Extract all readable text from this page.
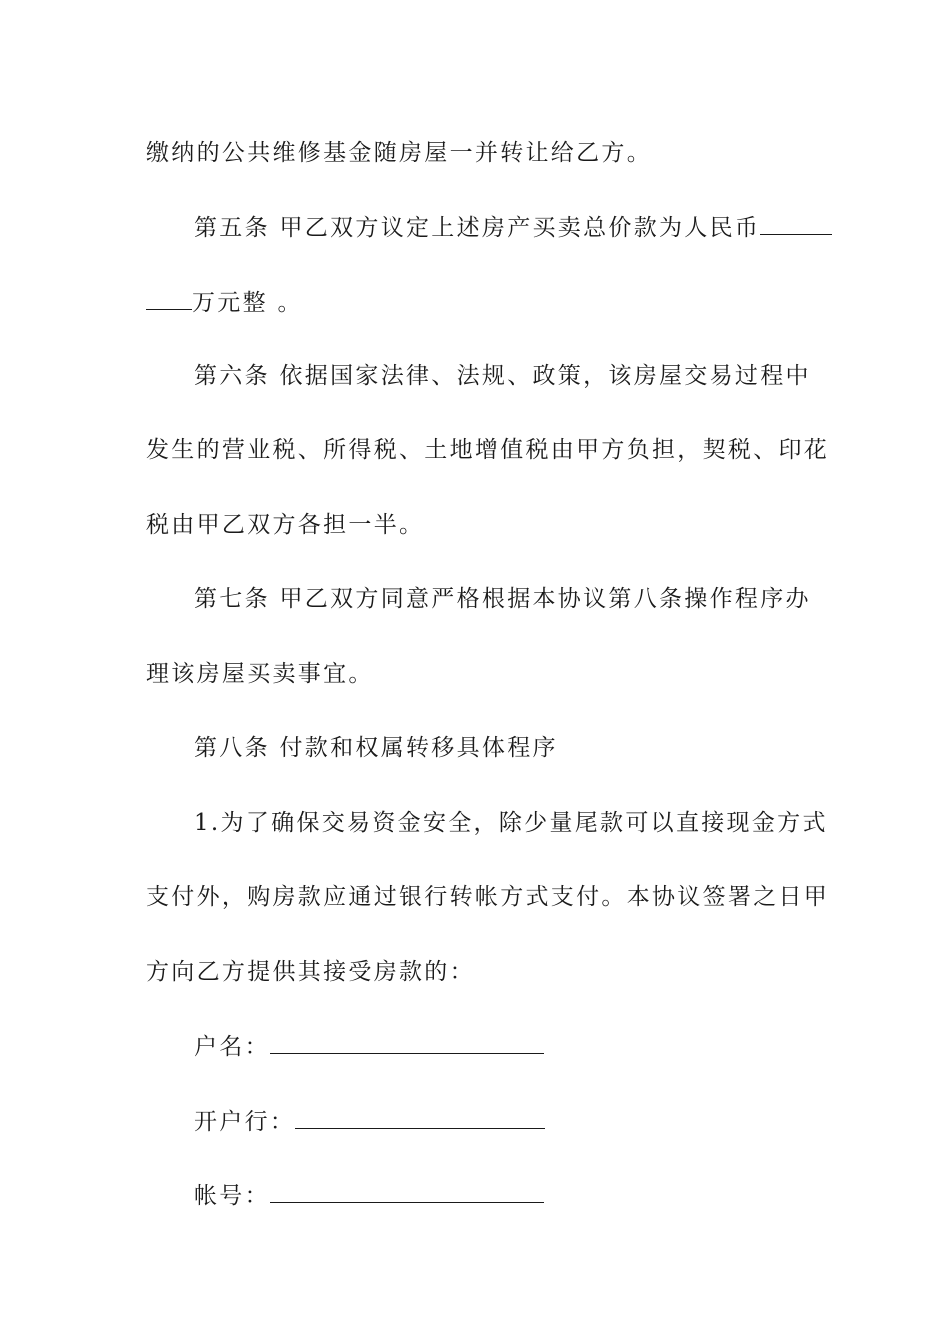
缴纳的公共维修基金随房屋一并转让给乙方。
第五条 甲乙双方议定上述房产买卖总价款为人民币
万元整 。
第六条 依据国家法律、法规、政策，该房屋交易过程中
发生的营业税、所得税、土地增值税由甲方负担，契税、印花
税由甲乙双方各担一半。
第七条 甲乙双方同意严格根据本协议第八条操作程序办
理该房屋买卖事宜。
第八条 付款和权属转移具体程序
1.为了确保交易资金安全，除少量尾款可以直接现金方式
支付外，购房款应通过银行转帐方式支付。本协议签署之日甲
方向乙方提供其接受房款的：
户名：
开户行：
帐号：
